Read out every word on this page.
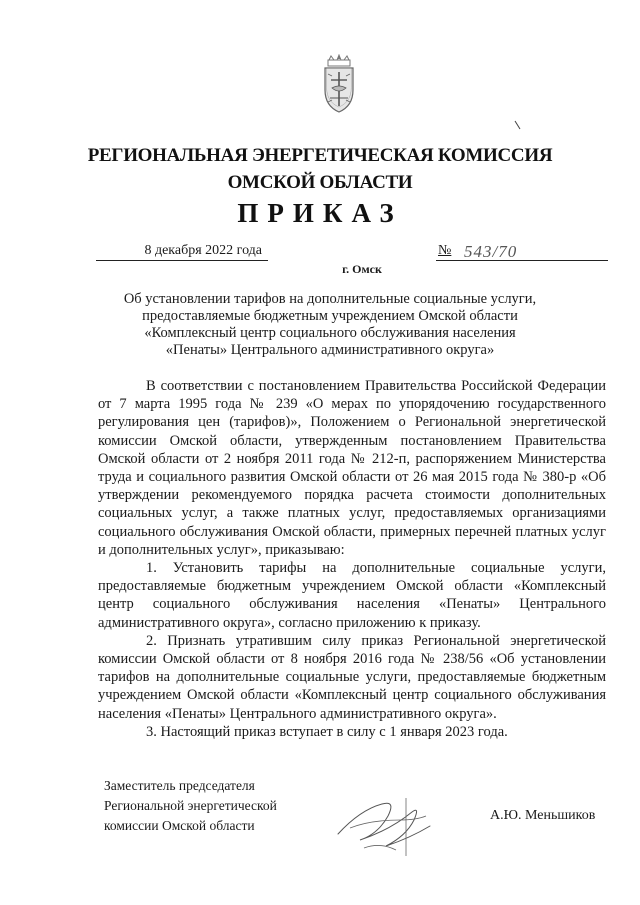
РЕГИОНАЛЬНАЯ ЭНЕРГЕТИЧЕСКАЯ КОМИССИЯ
ОМСКОЙ ОБЛАСТИ
ПРИКАЗ
8 декабря 2022 года	№ 543/70
г. Омск
Об установлении тарифов на дополнительные социальные услуги,
предоставляемые бюджетным учреждением Омской области
«Комплексный центр социального обслуживания населения
«Пенаты» Центрального административного округа»

В соответствии с постановлением Правительства Российской Федерации от 7 марта 1995 года № 239 «О мерах по упорядочению государственного регулирования цен (тарифов)», Положением о Региональной энергетической комиссии Омской области, утвержденным постановлением Правительства Омской области от 2 ноября 2011 года № 212-п, распоряжением Министерства труда и социального развития Омской области от 26 мая 2015 года № 380-р «Об утверждении рекомендуемого порядка расчета стоимости дополнительных социальных услуг, а также платных услуг, предоставляемых организациями социального обслуживания Омской области, примерных перечней платных услуг и дополнительных услуг», приказываю:

1. Установить тарифы на дополнительные социальные услуги, предоставляемые бюджетным учреждением Омской области «Комплексный центр социального обслуживания населения «Пенаты» Центрального административного округа», согласно приложению к приказу.

2. Признать утратившим силу приказ Региональной энергетической комиссии Омской области от 8 ноября 2016 года № 238/56 «Об установлении тарифов на дополнительные социальные услуги, предоставляемые бюджетным учреждением Омской области «Комплексный центр социального обслуживания населения «Пенаты» Центрального административного округа».

3. Настоящий приказ вступает в силу с 1 января 2023 года.

Заместитель председателя
Региональной энергетической
комиссии Омской области
А.Ю. Меньшиков
